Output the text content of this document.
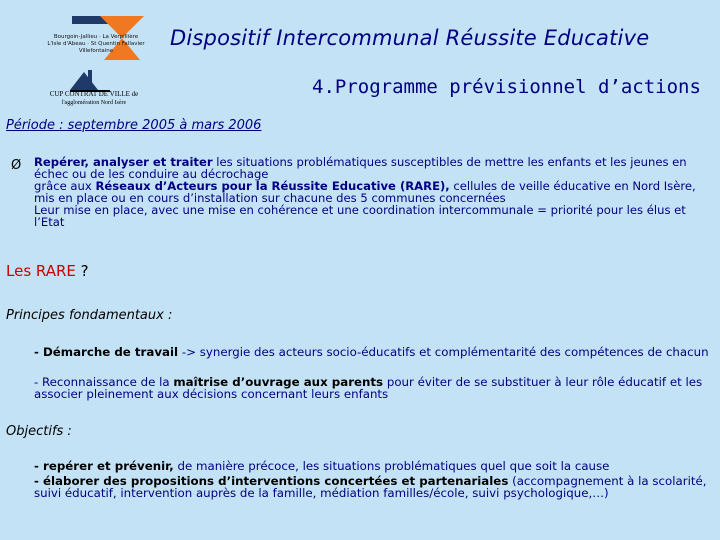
Bourgoin-Jallieu · La Verpillière
L'Isle d'Abeau · St Quentin Fallavier
Villefontaine
CUP CONTRAT DE VILLE de
l'agglomération Nord Isère
Dispositif Intercommunal Réussite Educative
4.Programme prévisionnel d’actions
Période : septembre 2005 à mars 2006
Ø Repérer, analyser et traiter les situations problématiques susceptibles de mettre les enfants et les jeunes en échec ou de les conduire au décrochage
grâce aux Réseaux d’Acteurs pour la Réussite Educative (RARE), cellules de veille éducative en Nord Isère, mis en place ou en cours d’installation sur chacune des 5 communes concernées
Leur mise en place, avec une mise en cohérence et une coordination intercommunale = priorité pour les élus et l’Etat
Les RARE ?
Principes fondamentaux :
- Démarche de travail -> synergie des acteurs socio-éducatifs et complémentarité des compétences de chacun
- Reconnaissance de la maîtrise d’ouvrage aux parents pour éviter de se substituer à leur rôle éducatif et les associer pleinement aux décisions concernant leurs enfants
Objectifs :
- repérer et prévenir, de manière précoce, les situations problématiques quel que soit la cause
- élaborer des propositions d’interventions concertées et partenariales (accompagnement à la scolarité, suivi éducatif, intervention auprès de la famille, médiation familles/école, suivi psychologique,…)
